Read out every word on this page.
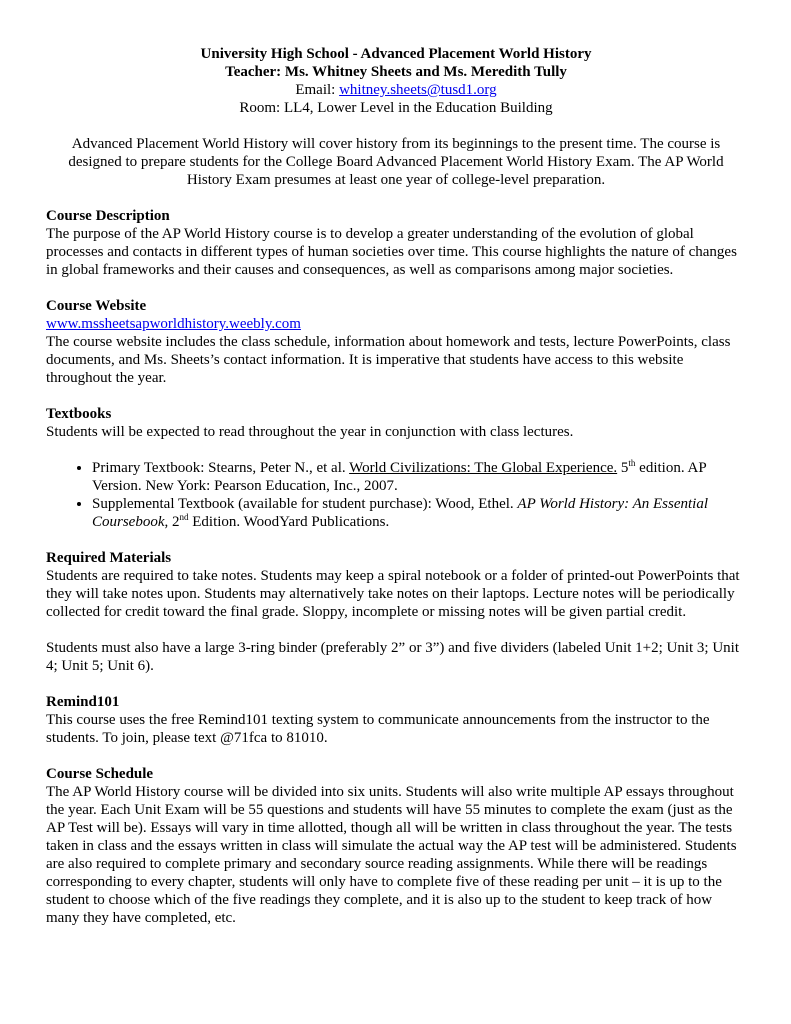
University High School - Advanced Placement World History
Teacher: Ms. Whitney Sheets and Ms. Meredith Tully
Email: whitney.sheets@tusd1.org
Room: LL4, Lower Level in the Education Building

Advanced Placement World History will cover history from its beginnings to the present time. The course is designed to prepare students for the College Board Advanced Placement World History Exam. The AP World History Exam presumes at least one year of college-level preparation.

Course Description

The purpose of the AP World History course is to develop a greater understanding of the evolution of global processes and contacts in different types of human societies over time. This course highlights the nature of changes in global frameworks and their causes and consequences, as well as comparisons among major societies.

Course Website
www.mssheetsapworldhistory.weebly.com

The course website includes the class schedule, information about homework and tests, lecture PowerPoints, class documents, and Ms. Sheets’s contact information. It is imperative that students have access to this website throughout the year.

Textbooks

Students will be expected to read throughout the year in conjunction with class lectures.

• Primary Textbook: Stearns, Peter N., et al. World Civilizations: The Global Experience. 5th edition. AP Version. New York: Pearson Education, Inc., 2007.
• Supplemental Textbook (available for student purchase): Wood, Ethel. AP World History: An Essential Coursebook, 2nd Edition. WoodYard Publications.
Required Materials

Students are required to take notes. Students may keep a spiral notebook or a folder of printed-out PowerPoints that they will take notes upon. Students may alternatively take notes on their laptops. Lecture notes will be periodically collected for credit toward the final grade. Sloppy, incomplete or missing notes will be given partial credit.

Students must also have a large 3-ring binder (preferably 2” or 3”) and five dividers (labeled Unit 1+2; Unit 3; Unit 4; Unit 5; Unit 6).

Remind101

This course uses the free Remind101 texting system to communicate announcements from the instructor to the students. To join, please text @71fca to 81010.

Course Schedule

The AP World History course will be divided into six units. Students will also write multiple AP essays throughout the year. Each Unit Exam will be 55 questions and students will have 55 minutes to complete the exam (just as the AP Test will be). Essays will vary in time allotted, though all will be written in class throughout the year. The tests taken in class and the essays written in class will simulate the actual way the AP test will be administered. Students are also required to complete primary and secondary source reading assignments. While there will be readings corresponding to every chapter, students will only have to complete five of these reading per unit – it is up to the student to choose which of the five readings they complete, and it is also up to the student to keep track of how many they have completed, etc.
